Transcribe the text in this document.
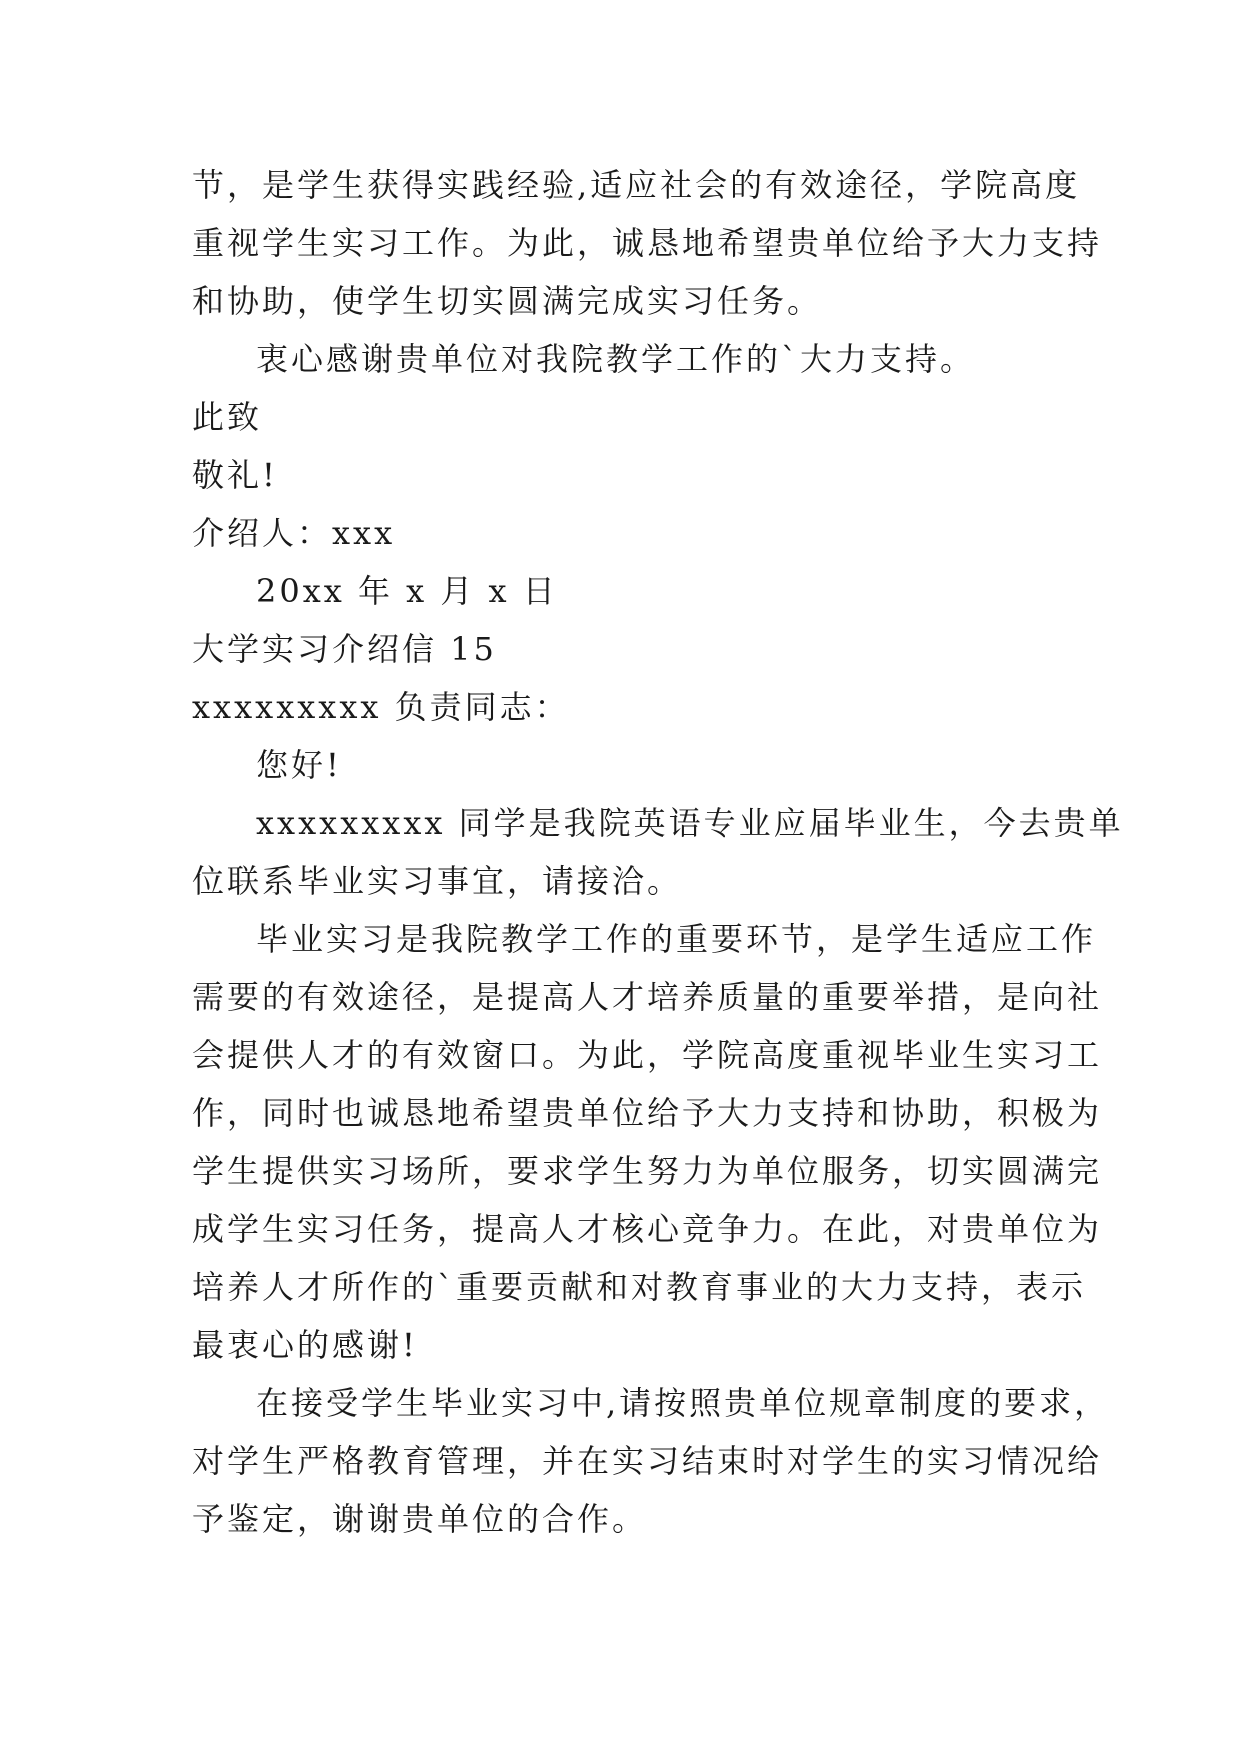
节，是学生获得实践经验,适应社会的有效途径，学院高度
重视学生实习工作。为此，诚恳地希望贵单位给予大力支持
和协助，使学生切实圆满完成实习任务。
衷心感谢贵单位对我院教学工作的`大力支持。
此致
敬礼!
介绍人：xxx
20xx 年 x 月 x 日
大学实习介绍信 15
xxxxxxxxx 负责同志：
您好!
xxxxxxxxx 同学是我院英语专业应届毕业生，今去贵单
位联系毕业实习事宜，请接洽。
毕业实习是我院教学工作的重要环节，是学生适应工作
需要的有效途径，是提高人才培养质量的重要举措，是向社
会提供人才的有效窗口。为此，学院高度重视毕业生实习工
作，同时也诚恳地希望贵单位给予大力支持和协助，积极为
学生提供实习场所，要求学生努力为单位服务，切实圆满完
成学生实习任务，提高人才核心竞争力。在此，对贵单位为
培养人才所作的`重要贡献和对教育事业的大力支持，表示
最衷心的感谢!
在接受学生毕业实习中,请按照贵单位规章制度的要求，
对学生严格教育管理，并在实习结束时对学生的实习情况给
予鉴定，谢谢贵单位的合作。
